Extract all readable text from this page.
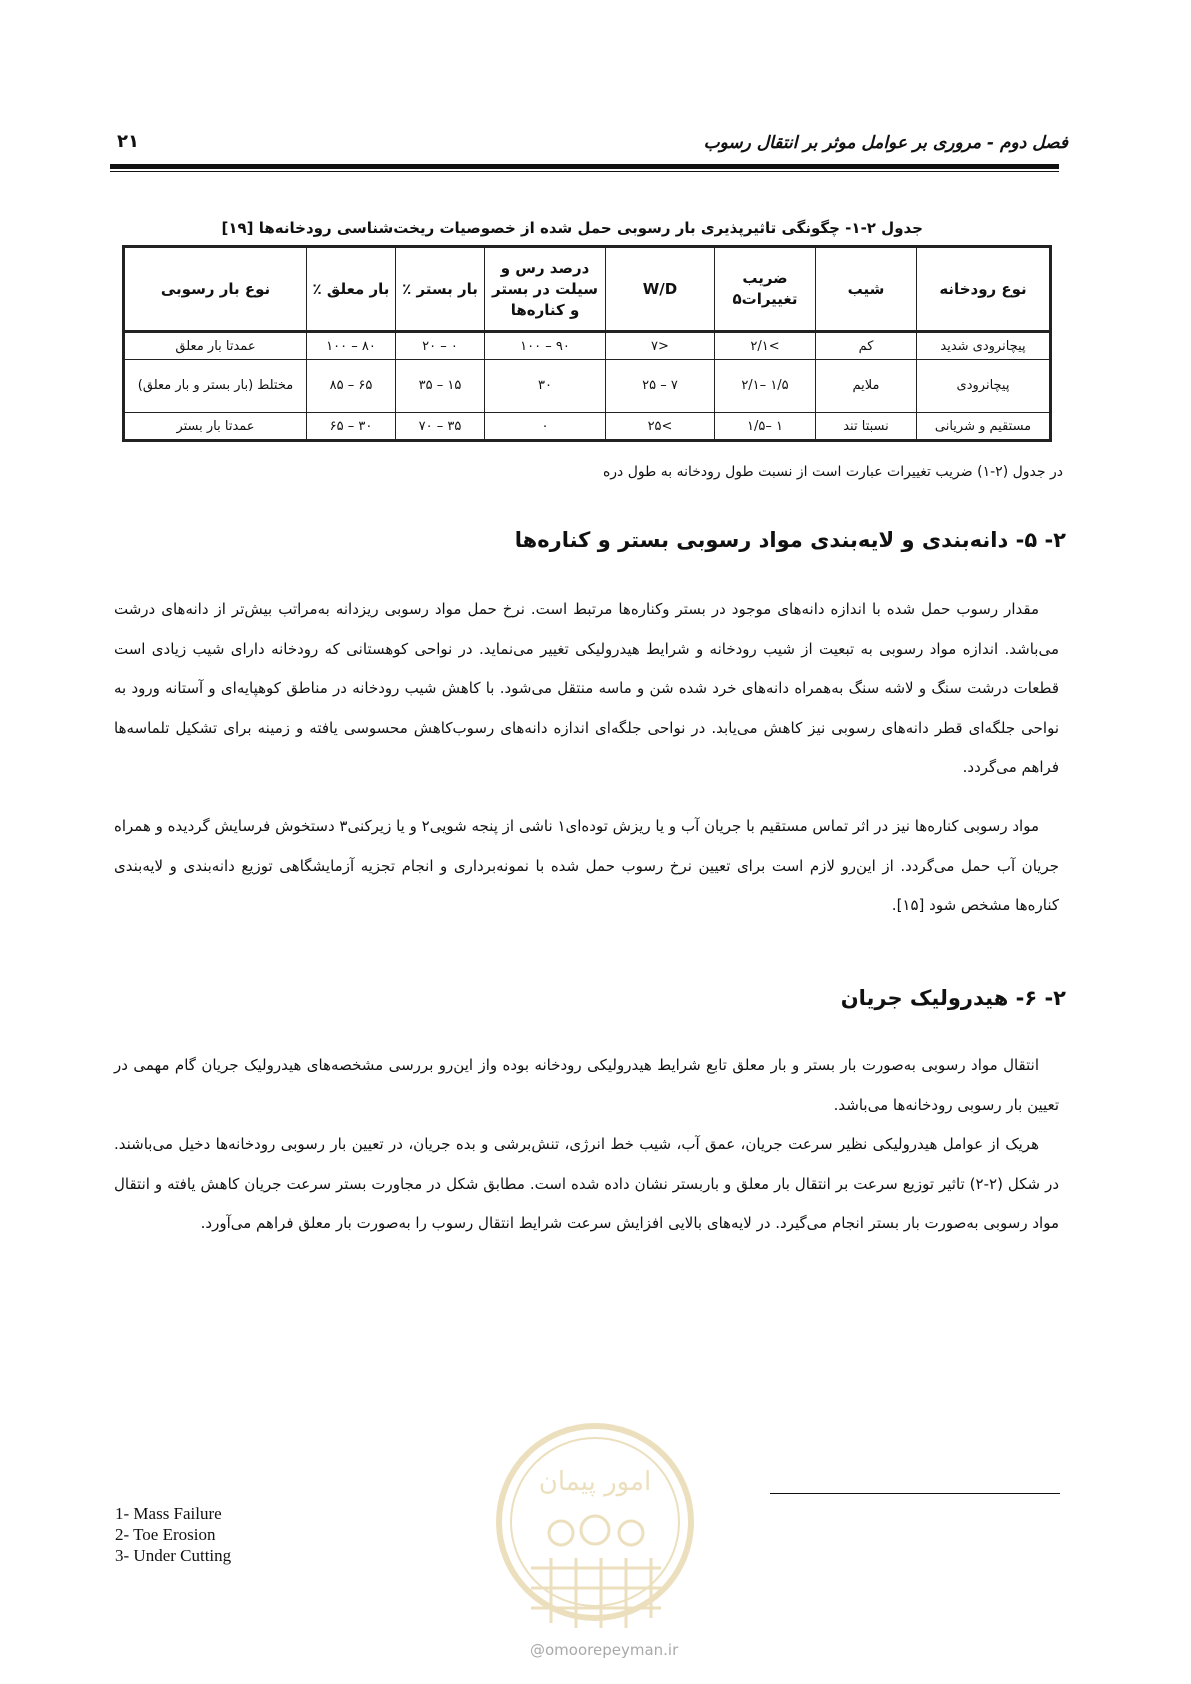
فصل دوم - مروری بر عوامل موثر بر انتقال رسوب
۲۱
جدول ۲-۱- چگونگی تاثیرپذیری بار رسوبی حمل شده از خصوصیات ریخت‌شناسی رودخانه‌ها [۱۹]
نوع رودخانه	شیب	ضریب تغییرات۵	W/D	درصد رس و سیلت در بستر و کناره‌ها	بار بستر ٪	بار معلق ٪	نوع بار رسوبی
پیچانرودی شدید	کم	>۲/۱	<۷	۹۰ – ۱۰۰	۰ – ۲۰	۸۰ – ۱۰۰	عمدتا بار معلق
پیچانرودی	ملایم	۱/۵ –۲/۱	۷ – ۲۵	۳۰	۱۵ – ۳۵	۶۵ – ۸۵	مختلط (بار بستر و بار معلق)
مستقیم و شریانی	نسبتا تند	۱ –۱/۵	>۲۵	۰	۳۵ – ۷۰	۳۰ – ۶۵	عمدتا بار بستر
در جدول (۲-۱) ضریب تغییرات عبارت است از نسبت طول رودخانه به طول دره
۲- ۵- دانه‌بندی و لایه‌بندی مواد رسوبی بستر و کناره‌ها

مقدار رسوب حمل شده با اندازه دانه‌های موجود در بستر وکناره‌ها مرتبط است. نرخ حمل مواد رسوبی ریزدانه به‌مراتب بیش‌تر از دانه‌های درشت می‌باشد. اندازه مواد رسوبی به تبعیت از شیب رودخانه و شرایط هیدرولیکی تغییر می‌نماید. در نواحی کوهستانی که رودخانه دارای شیب زیادی است قطعات درشت سنگ و لاشه سنگ به‌همراه دانه‌های خرد شده شن و ماسه منتقل می‌شود. با کاهش شیب رودخانه در مناطق کوهپایه‌ای و آستانه ورود به نواحی جلگه‌ای قطر دانه‌های رسوبی نیز کاهش می‌یابد. در نواحی جلگه‌ای اندازه دانه‌های رسوب‌کاهش محسوسی یافته و زمینه برای تشکیل تلماسه‌ها فراهم می‌گردد.

مواد رسوبی کناره‌ها نیز در اثر تماس مستقیم با جریان آب و یا ریزش توده‌ای۱ ناشی از پنجه شویی۲ و یا زیرکنی۳ دستخوش فرسایش گردیده و همراه جریان آب حمل می‌گردد. از این‌رو لازم است برای تعیین نرخ رسوب حمل شده با نمونه‌برداری و انجام تجزیه آزمایشگاهی توزیع دانه‌بندی و لایه‌بندی کناره‌ها مشخص شود [۱۵].

۲- ۶- هیدرولیک جریان

انتقال مواد رسوبی به‌صورت بار بستر و بار معلق تابع شرایط هیدرولیکی رودخانه بوده واز این‌رو بررسی مشخصه‌های هیدرولیک جریان گام مهمی در تعیین بار رسوبی رودخانه‌ها می‌باشد.

هریک از عوامل هیدرولیکی نظیر سرعت جریان، عمق آب، شیب خط انرژی، تنش‌برشی و بده جریان، در تعیین بار رسوبی رودخانه‌ها دخیل می‌باشند. در شکل (۲-۲) تاثیر توزیع سرعت بر انتقال بار معلق و باربستر نشان داده شده است. مطابق شکل در مجاورت بستر سرعت جریان کاهش یافته و انتقال مواد رسوبی به‌صورت بار بستر انجام می‌گیرد. در لایه‌های بالایی افزایش سرعت شرایط انتقال رسوب را به‌صورت بار معلق فراهم می‌آورد.

1- Mass Failure
2- Toe Erosion
3- Under Cutting
امور پیمان
@omoorepeyman.ir
